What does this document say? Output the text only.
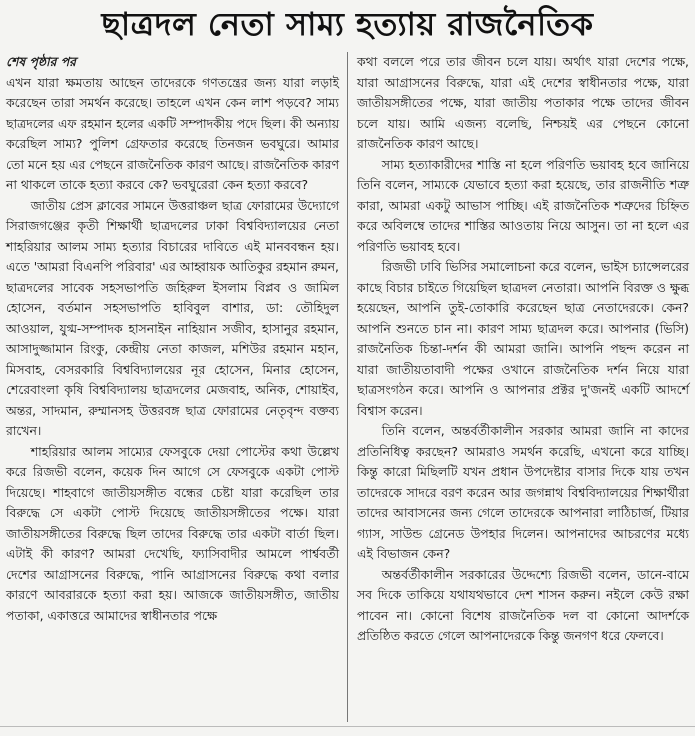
ছাত্রদল নেতা সাম্য হত্যায় রাজনৈতিক

শেষ পৃষ্ঠার পর

এখন যারা ক্ষমতায় আছেন তাদেরকে গণতন্ত্রের জন্য যারা লড়াই করেছেন তারা সমর্থন করেছে। তাহলে এখন কেন লাশ পড়বে? সাম্য ছাত্রদলের এফ রহমান হলের একটি সম্পাদকীয় পদে ছিল। কী অন্যায় করেছিল সাম্য? পুলিশ গ্রেফতার করেছে তিনজন ভবঘুরে। আমার তো মনে হয় এর পেছনে রাজনৈতিক কারণ আছে। রাজনৈতিক কারণ না থাকলে তাকে হত্যা করবে কে? ভবঘুরেরা কেন হত্যা করবে?

জাতীয় প্রেস ক্লাবের সামনে উত্তরাঞ্চল ছাত্র ফোরামের উদ্যোগে সিরাজগঞ্জের কৃতী শিক্ষার্থী ছাত্রদলের ঢাকা বিশ্ববিদ্যালয়ের নেতা শাহরিয়ার আলম সাম্য হত্যার বিচারের দাবিতে এই মানববন্ধন হয়। এতে 'আমরা বিএনপি পরিবার' এর আহ্বায়ক আতিকুর রহমান রুমন, ছাত্রদলের সাবেক সহসভাপতি জহিরুল ইসলাম বিপ্লব ও জামিল হোসেন, বর্তমান সহসভাপতি হাবিবুল বাশার, ডা: তৌহিদুল আওয়াল, যুগ্ম-সম্পাদক হাসনাইন নাহিয়ান সজীব, হাসানুর রহমান, আসাদুজ্জামান রিংকু, কেন্দ্রীয় নেতা কাজল, মশিউর রহমান মহান, মিসবাহ, বেসরকারি বিশ্ববিদ্যালয়ের নূর হোসেন, মিনার হোসেন, শেরেবাংলা কৃষি বিশ্ববিদ্যালয় ছাত্রদলের মেজবাহ, অনিক, শোয়াইব, অন্তর, সাদমান, রুম্মানসহ উত্তরবঙ্গ ছাত্র ফোরামের নেতৃবৃন্দ বক্তব্য রাখেন।

শাহরিয়ার আলম সাম্যের ফেসবুকে দেয়া পোস্টের কথা উল্লেখ করে রিজভী বলেন, কয়েক দিন আগে সে ফেসবুকে একটা পোস্ট দিয়েছে। শাহবাগে জাতীয়সঙ্গীত বন্ধের চেষ্টা যারা করেছিল তার বিরুদ্ধে সে একটা পোস্ট দিয়েছে জাতীয়সঙ্গীতের পক্ষে। যারা জাতীয়সঙ্গীতের বিরুদ্ধে ছিল তাদের বিরুদ্ধে তার একটা বার্তা ছিল। এটাই কী কারণ? আমরা দেখেছি, ফ্যাসিবাদীর আমলে পার্শ্ববর্তী দেশের আগ্রাসনের বিরুদ্ধে, পানি আগ্রাসনের বিরুদ্ধে কথা বলার কারণে আবরারকে হত্যা করা হয়। আজকে জাতীয়সঙ্গীত, জাতীয় পতাকা, একাত্তরে আমাদের স্বাধীনতার পক্ষে

কথা বললে পরে তার জীবন চলে যায়। অর্থাৎ যারা দেশের পক্ষে, যারা আগ্রাসনের বিরুদ্ধে, যারা এই দেশের স্বাধীনতার পক্ষে, যারা জাতীয়সঙ্গীতের পক্ষে, যারা জাতীয় পতাকার পক্ষে তাদের জীবন চলে যায়। আমি এজন্য বলেছি, নিশ্চয়ই এর পেছনে কোনো রাজনৈতিক কারণ আছে।

সাম্য হত্যাকারীদের শাস্তি না হলে পরিণতি ভয়াবহ হবে জানিয়ে তিনি বলেন, সাম্যকে যেভাবে হত্যা করা হয়েছে, তার রাজনীতি শত্রু কারা, আমরা একটু আভাস পাচ্ছি। এই রাজনৈতিক শত্রুদের চিহ্নিত করে অবিলম্বে তাদের শাস্তির আওতায় নিয়ে আসুন। তা না হলে এর পরিণতি ভয়াবহ হবে।

রিজভী ঢাবি ভিসির সমালোচনা করে বলেন, ভাইস চ্যান্সেলরের কাছে বিচার চাইতে গিয়েছিল ছাত্রদল নেতারা। আপনি বিরক্ত ও ক্ষুব্ধ হয়েছেন, আপনি তুই-তোকারি করেছেন ছাত্র নেতাদেরকে। কেন? আপনি শুনতে চান না। কারণ সাম্য ছাত্রদল করে। আপনার (ভিসি) রাজনৈতিক চিন্তা-দর্শন কী আমরা জানি। আপনি পছন্দ করেন না যারা জাতীয়তাবাদী পক্ষের ওখানে রাজনৈতিক দর্শন নিয়ে যারা ছাত্রসংগঠন করে। আপনি ও আপনার প্রক্টর দু'জনই একটি আদর্শে বিশ্বাস করেন।

তিনি বলেন, অন্তর্বর্তীকালীন সরকার আমরা জানি না কাদের প্রতিনিধিত্ব করছেন? আমরাও সমর্থন করেছি, এখনো করে যাচ্ছি। কিন্তু কারো মিছিলটি যখন প্রধান উপদেষ্টার বাসার দিকে যায় তখন তাদেরকে সাদরে বরণ করেন আর জগন্নাথ বিশ্ববিদ্যালয়ের শিক্ষার্থীরা তাদের আবাসনের জন্য গেলে তাদেরকে আপনারা লাঠিচার্জ, টিয়ার গ্যাস, সাউন্ড গ্রেনেড উপহার দিলেন। আপনাদের আচরণের মধ্যে এই বিভাজন কেন?

অন্তর্বর্তীকালীন সরকারের উদ্দেশ্যে রিজভী বলেন, ডানে-বামে সব দিকে তাকিয়ে যথাযথভাবে দেশ শাসন করুন। নইলে কেউ রক্ষা পাবেন না। কোনো বিশেষ রাজনৈতিক দল বা কোনো আদর্শকে প্রতিষ্ঠিত করতে গেলে আপনাদেরকে কিন্তু জনগণ ধরে ফেলবে।
